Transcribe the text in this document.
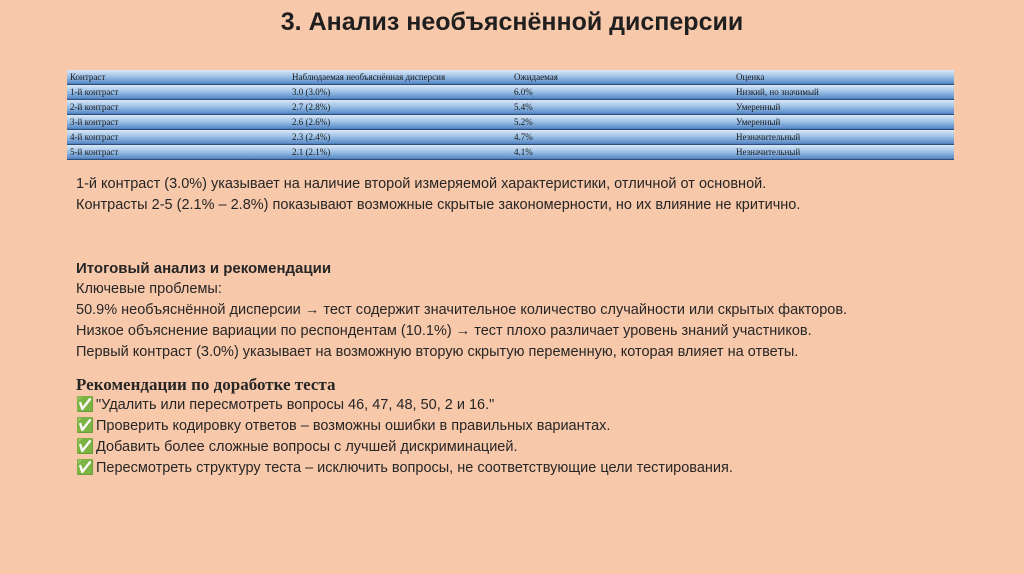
3. Анализ необъяснённой дисперсии
Контраст	Наблюдаемая необъяснённая дисперсия	Ожидаемая	Оценка
1-й контраст	3.0 (3.0%)	6.0%	Низкий, но значимый
2-й контраст	2.7 (2.8%)	5.4%	Умеренный
3-й контраст	2.6 (2.6%)	5.2%	Умеренный
4-й контраст	2.3 (2.4%)	4.7%	Незначительный
5-й контраст	2.1 (2.1%)	4.1%	Незначительный
1-й контраст (3.0%) указывает на наличие второй измеряемой характеристики, отличной от основной.
Контрасты 2-5 (2.1% – 2.8%) показывают возможные скрытые закономерности, но их влияние не критично.
Итоговый анализ и рекомендации
Ключевые проблемы:
50.9% необъяснённой дисперсии → тест содержит значительное количество случайности или скрытых факторов.
Низкое объяснение вариации по респондентам (10.1%) → тест плохо различает уровень знаний участников.
Первый контраст (3.0%) указывает на возможную вторую скрытую переменную, которая влияет на ответы.
Рекомендации по доработке теста
✅ "Удалить или пересмотреть вопросы 46, 47, 48, 50, 2 и 16."
✅ Проверить кодировку ответов – возможны ошибки в правильных вариантах.
✅ Добавить более сложные вопросы с лучшей дискриминацией.
✅ Пересмотреть структуру теста – исключить вопросы, не соответствующие цели тестирования.
